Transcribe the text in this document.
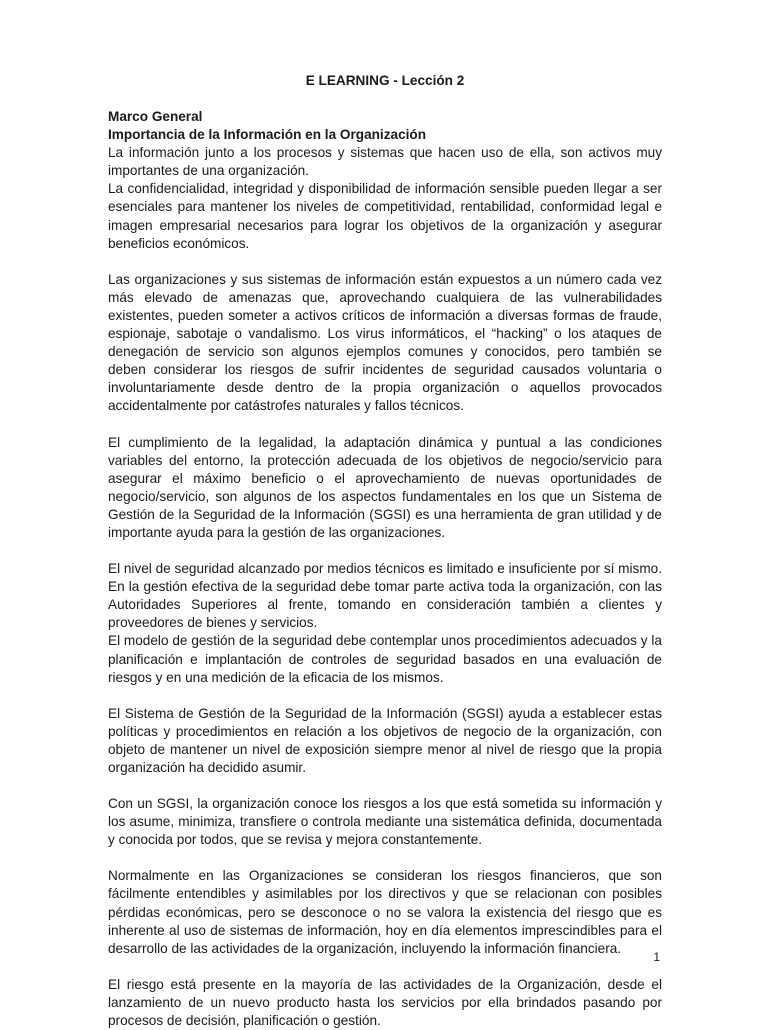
E LEARNING - Lección 2
Marco General
Importancia de la Información en la Organización

La información junto a los procesos y sistemas que hacen uso de ella, son activos muy importantes de una organización.

La confidencialidad, integridad y disponibilidad de información sensible pueden llegar a ser esenciales para mantener los niveles de competitividad, rentabilidad, conformidad legal e imagen empresarial necesarios para lograr los objetivos de la organización y asegurar beneficios económicos.

Las organizaciones y sus sistemas de información están expuestos a un número cada vez más elevado de amenazas que, aprovechando cualquiera de las vulnerabilidades existentes, pueden someter a activos críticos de información a diversas formas de fraude, espionaje, sabotaje o vandalismo. Los virus informáticos, el “hacking” o los ataques de denegación de servicio son algunos ejemplos comunes y conocidos, pero también se deben considerar los riesgos de sufrir incidentes de seguridad causados voluntaria o involuntariamente desde dentro de la propia organización o aquellos provocados accidentalmente por catástrofes naturales y fallos técnicos.

El cumplimiento de la legalidad, la adaptación dinámica y puntual a las condiciones variables del entorno, la protección adecuada de los objetivos de negocio/servicio para asegurar el máximo beneficio o el aprovechamiento de nuevas oportunidades de negocio/servicio, son algunos de los aspectos fundamentales en los que un Sistema de Gestión de la Seguridad de la Información (SGSI) es una herramienta de gran utilidad y de importante ayuda para la gestión de las organizaciones.

El nivel de seguridad alcanzado por medios técnicos es limitado e insuficiente por sí mismo. En la gestión efectiva de la seguridad debe tomar parte activa toda la organización, con las Autoridades Superiores al frente, tomando en consideración también a clientes y proveedores de bienes y servicios.

El modelo de gestión de la seguridad debe contemplar unos procedimientos adecuados y la planificación e implantación de controles de seguridad basados en una evaluación de riesgos y en una medición de la eficacia de los mismos.

El Sistema de Gestión de la Seguridad de la Información (SGSI) ayuda a establecer estas políticas y procedimientos en relación a los objetivos de negocio de la organización, con objeto de mantener un nivel de exposición siempre menor al nivel de riesgo que la propia organización ha decidido asumir.

Con un SGSI, la organización conoce los riesgos a los que está sometida su información y los asume, minimiza, transfiere o controla mediante una sistemática definida, documentada y conocida por todos, que se revisa y mejora constantemente.

Normalmente en las Organizaciones se consideran los riesgos financieros, que son fácilmente entendibles y asimilables por los directivos y que se relacionan con posibles pérdidas económicas, pero se desconoce o no se valora la existencia del riesgo que es inherente al uso de sistemas de información, hoy en día elementos imprescindibles para el desarrollo de las actividades de la organización, incluyendo la información financiera.

El riesgo está presente en la mayoría de las actividades de la Organización, desde el lanzamiento de un nuevo producto hasta los servicios por ella brindados pasando por procesos de decisión, planificación o gestión.

1
